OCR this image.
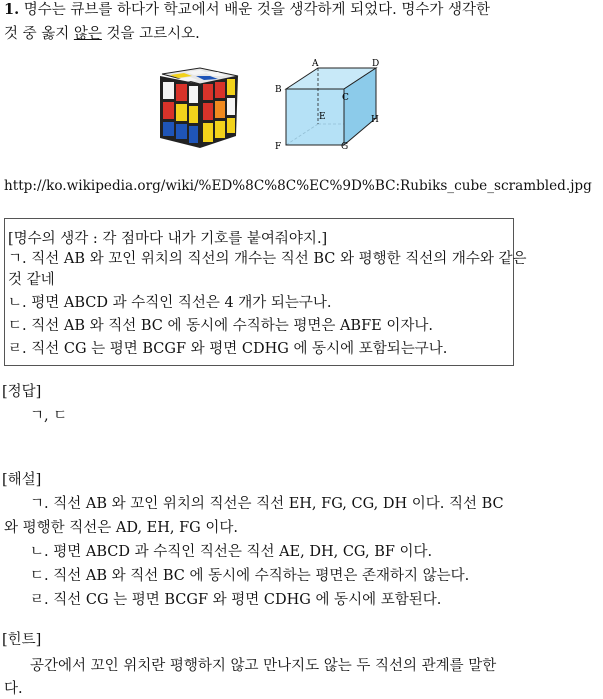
1. 명수는 큐브를 하다가 학교에서 배운 것을 생각하게 되었다. 명수가 생각한
것 중 옳지 않은 것을 고르시오.
A	D
B
C
E	H
F	G
http://ko.wikipedia.org/wiki/%ED%8C%8C%EC%9D%BC:Rubiks_cube_scrambled.jpg
[명수의 생각 : 각 점마다 내가 기호를 붙여줘야지.]
ㄱ. 직선 AB 와 꼬인 위치의 직선의 개수는 직선 BC 와 평행한 직선의 개수와 같은
것 같네
ㄴ. 평면 ABCD 과 수직인 직선은 4 개가 되는구나.
ㄷ. 직선 AB 와 직선 BC 에 동시에 수직하는 평면은 ABFE 이자나.
ㄹ. 직선 CG 는 평면 BCGF 와 평면 CDHG 에 동시에 포함되는구나.
[정답]
ㄱ, ㄷ
[해설]
ㄱ. 직선 AB 와 꼬인 위치의 직선은 직선 EH, FG, CG, DH 이다. 직선 BC
와 평행한 직선은 AD, EH, FG 이다.
ㄴ. 평면 ABCD 과 수직인 직선은 직선 AE, DH, CG, BF 이다.
ㄷ. 직선 AB 와 직선 BC 에 동시에 수직하는 평면은 존재하지 않는다.
ㄹ. 직선 CG 는 평면 BCGF 와 평면 CDHG 에 동시에 포함된다.
[힌트]
공간에서 꼬인 위치란 평행하지 않고 만나지도 않는 두 직선의 관계를 말한
다.
